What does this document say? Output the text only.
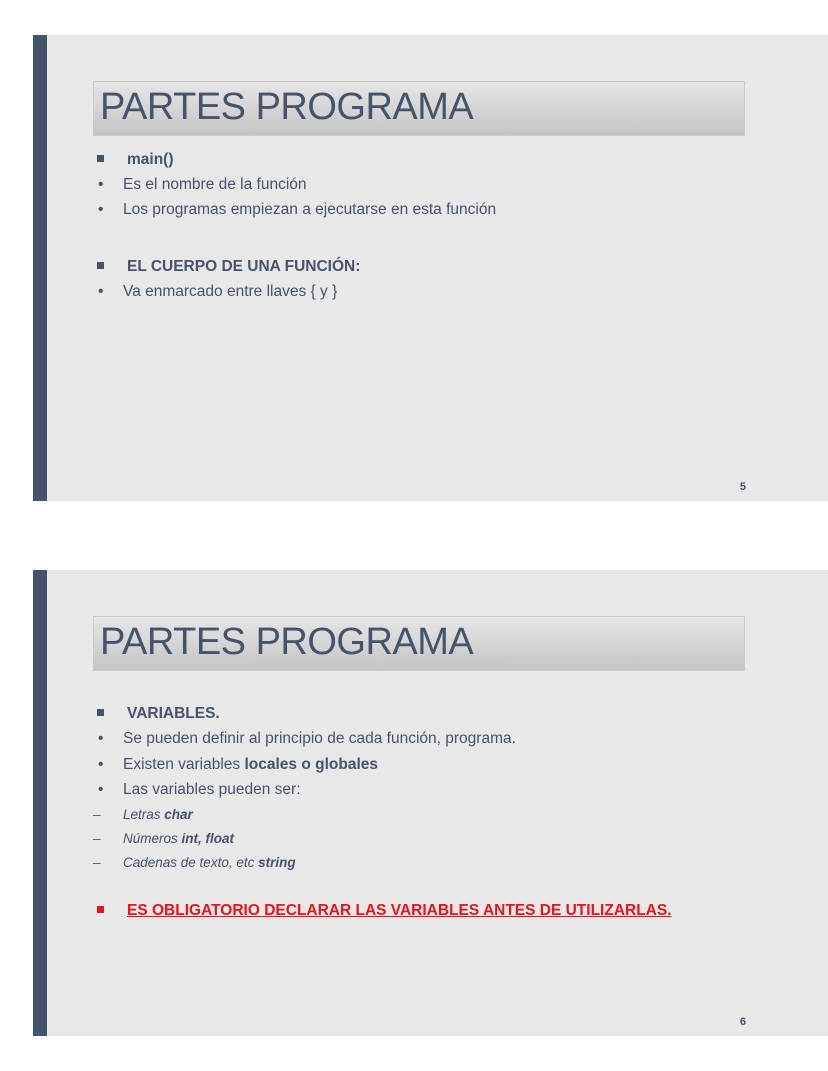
PARTES PROGRAMA
main()
• Es el nombre de la función
• Los programas empiezan a ejecutarse en esta función
EL CUERPO DE UNA FUNCIÓN:
• Va enmarcado entre llaves { y }
5
PARTES PROGRAMA
VARIABLES.
• Se pueden definir al principio de cada función, programa.
• Existen variables locales o globales
• Las variables pueden ser:
– Letras char
– Números int, float
– Cadenas de texto, etc string
ES OBLIGATORIO DECLARAR LAS VARIABLES ANTES DE UTILIZARLAS.
6
